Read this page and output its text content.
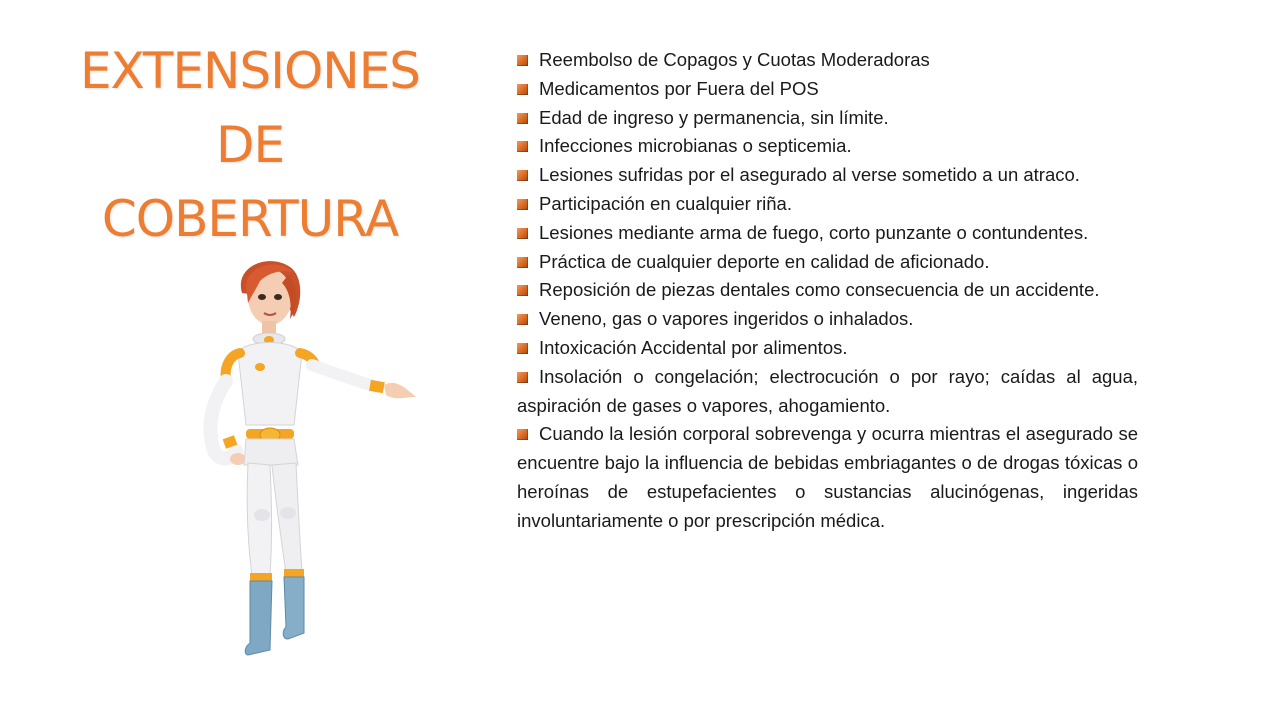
EXTENSIONES
DE
COBERTURA
Reembolso de Copagos y Cuotas Moderadoras
Medicamentos por Fuera del POS
Edad de ingreso y permanencia, sin límite.
Infecciones microbianas o septicemia.
Lesiones sufridas por el asegurado al verse sometido a un atraco.
Participación en cualquier riña.
Lesiones mediante arma de fuego, corto punzante o contundentes.
Práctica de cualquier deporte en calidad de aficionado.
Reposición de piezas dentales como consecuencia de un accidente.
Veneno, gas o vapores ingeridos o inhalados.
Intoxicación Accidental por alimentos.
Insolación o congelación; electrocución o por rayo; caídas al agua, aspiración de gases o vapores, ahogamiento.
Cuando la lesión corporal sobrevenga y ocurra mientras el asegurado se encuentre bajo la influencia de bebidas embriagantes o de drogas tóxicas o heroínas de estupefacientes o sustancias alucinógenas, ingeridas involuntariamente o por prescripción médica.
